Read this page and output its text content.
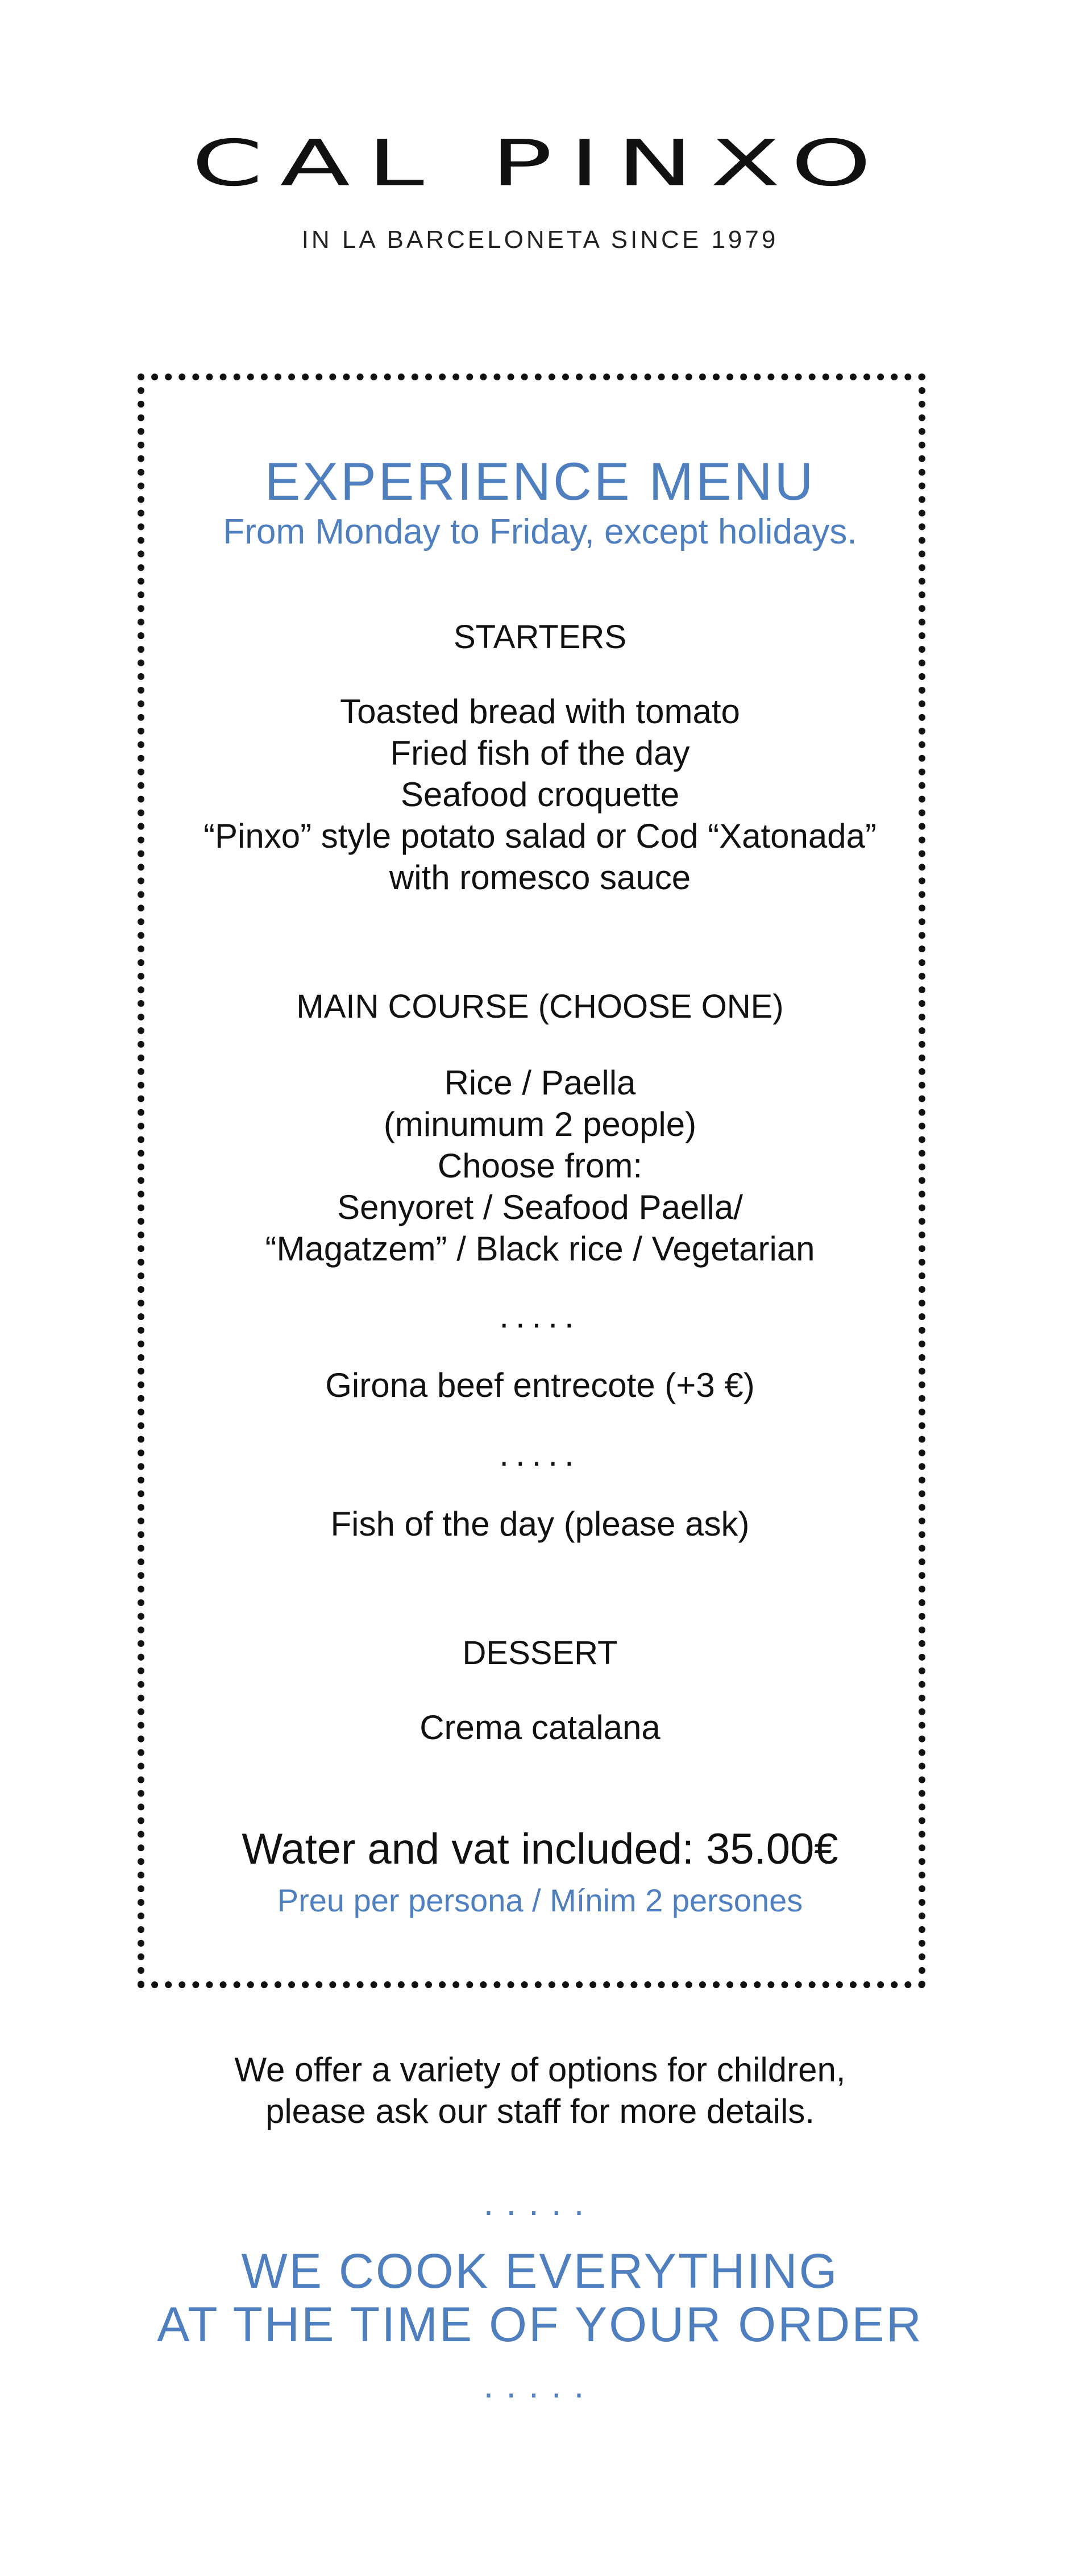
CAL PINXO
IN LA BARCELONETA SINCE 1979
EXPERIENCE MENU
From Monday to Friday, except holidays.
STARTERS
Toasted bread with tomato
Fried fish of the day
Seafood croquette
“Pinxo” style potato salad or Cod “Xatonada”
with romesco sauce
MAIN COURSE (CHOOSE ONE)
Rice / Paella
(minumum 2 people)
Choose from:
Senyoret / Seafood Paella/
“Magatzem” / Black rice / Vegetarian
.....
Girona beef entrecote (+3 €)
.....
Fish of the day (please ask)
DESSERT
Crema catalana
Water and vat included: 35.00€
Preu per persona / Mínim 2 persones
We offer a variety of options for children,
please ask our staff for more details.
.....
WE COOK EVERYTHING
AT THE TIME OF YOUR ORDER
.....
